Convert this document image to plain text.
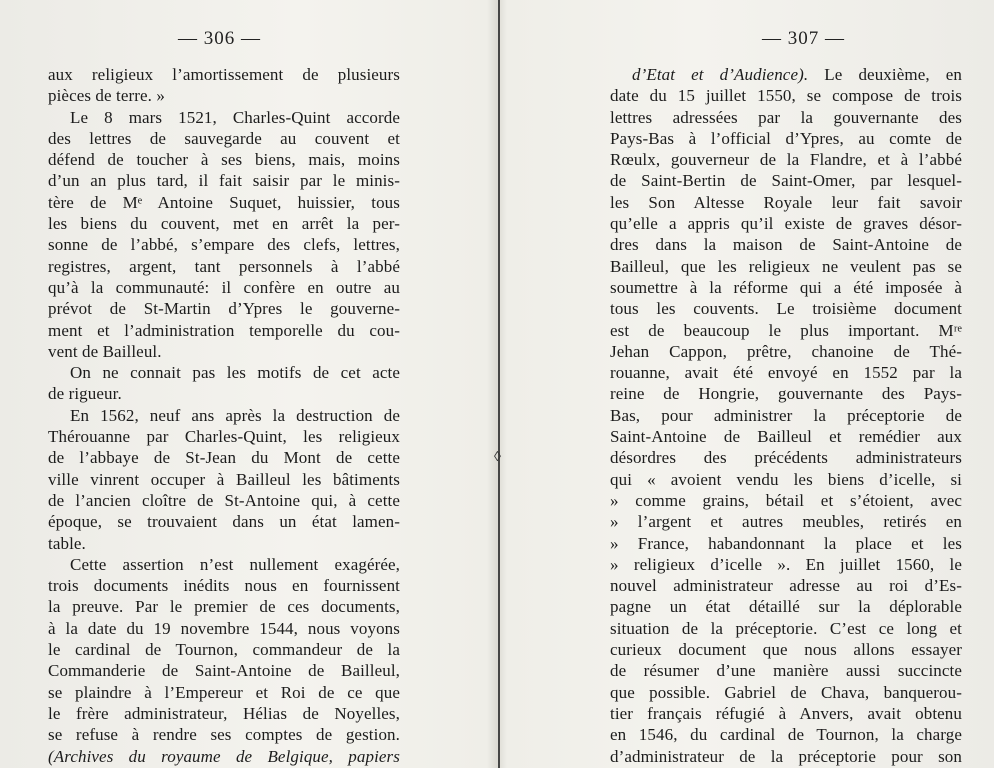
◊
— 306 —
aux religieux l’amortissement de plusieurs
pièces de terre. »
Le 8 mars 1521, Charles-Quint accorde
des lettres de sauvegarde au couvent et
défend de toucher à ses biens, mais, moins
d’un an plus tard, il fait saisir par le minis-
tère de Mᵉ Antoine Suquet, huissier, tous
les biens du couvent, met en arrêt la per-
sonne de l’abbé, s’empare des clefs, lettres,
registres, argent, tant personnels à l’abbé
qu’à la communauté: il confère en outre au
prévot de St-Martin d’Ypres le gouverne-
ment et l’administration temporelle du cou-
vent de Bailleul.
On ne connait pas les motifs de cet acte
de rigueur.
En 1562, neuf ans après la destruction de
Thérouanne par Charles-Quint, les religieux
de l’abbaye de St-Jean du Mont de cette
ville vinrent occuper à Bailleul les bâtiments
de l’ancien cloître de St-Antoine qui, à cette
époque, se trouvaient dans un état lamen-
table.
Cette assertion n’est nullement exagérée,
trois documents inédits nous en fournissent
la preuve. Par le premier de ces documents,
à la date du 19 novembre 1544, nous voyons
le cardinal de Tournon, commandeur de la
Commanderie de Saint-Antoine de Bailleul,
se plaindre à l’Empereur et Roi de ce que
le frère administrateur, Hélias de Noyelles,
se refuse à rendre ses comptes de gestion.
(Archives du royaume de Belgique, papiers
— 307 —
d’Etat et d’Audience). Le deuxième, en
date du 15 juillet 1550, se compose de trois
lettres adressées par la gouvernante des
Pays-Bas à l’official d’Ypres, au comte de
Rœulx, gouverneur de la Flandre, et à l’abbé
de Saint-Bertin de Saint-Omer, par lesquel-
les Son Altesse Royale leur fait savoir
qu’elle a appris qu’il existe de graves désor-
dres dans la maison de Saint-Antoine de
Bailleul, que les religieux ne veulent pas se
soumettre à la réforme qui a été imposée à
tous les couvents. Le troisième document
est de beaucoup le plus important. Mʳᵉ
Jehan Cappon, prêtre, chanoine de Thé-
rouanne, avait été envoyé en 1552 par la
reine de Hongrie, gouvernante des Pays-
Bas, pour administrer la préceptorie de
Saint-Antoine de Bailleul et remédier aux
désordres des précédents administrateurs
qui « avoient vendu les biens d’icelle, si
» comme grains, bétail et s’étoient, avec
» l’argent et autres meubles, retirés en
» France, habandonnant la place et les
» religieux d’icelle ». En juillet 1560, le
nouvel administrateur adresse au roi d’Es-
pagne un état détaillé sur la déplorable
situation de la préceptorie. C’est ce long et
curieux document que nous allons essayer
de résumer d’une manière aussi succincte
que possible. Gabriel de Chava, banquerou-
tier français réfugié à Anvers, avait obtenu
en 1546, du cardinal de Tournon, la charge
d’administrateur de la préceptorie pour son
